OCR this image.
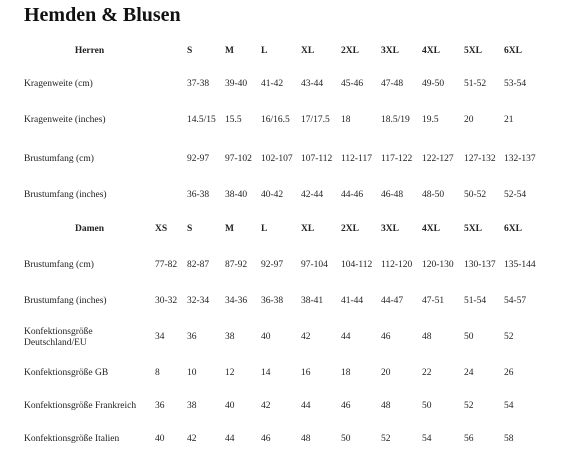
Hemden & Blusen
Herren		S	M	L	XL	2XL	3XL	4XL	5XL	6XL
Kragenweite (cm)		37-38	39-40	41-42	43-44	45-46	47-48	49-50	51-52	53-54
Kragenweite (inches)		14.5/15	15.5	16/16.5	17/17.5	18	18.5/19	19.5	20	21
Brustumfang (cm)		92-97	97-102	102-107	107-112	112-117	117-122	122-127	127-132	132-137
Brustumfang (inches)		36-38	38-40	40-42	42-44	44-46	46-48	48-50	50-52	52-54
Damen	XS	S	M	L	XL	2XL	3XL	4XL	5XL	6XL
Brustumfang (cm)	77-82	82-87	87-92	92-97	97-104	104-112	112-120	120-130	130-137	135-144
Brustumfang (inches)	30-32	32-34	34-36	36-38	38-41	41-44	44-47	47-51	51-54	54-57
Konfektionsgröße Deutschland/EU	34	36	38	40	42	44	46	48	50	52
Konfektionsgröße GB	8	10	12	14	16	18	20	22	24	26
Konfektionsgröße Frankreich	36	38	40	42	44	46	48	50	52	54
Konfektionsgröße Italien	40	42	44	46	48	50	52	54	56	58
